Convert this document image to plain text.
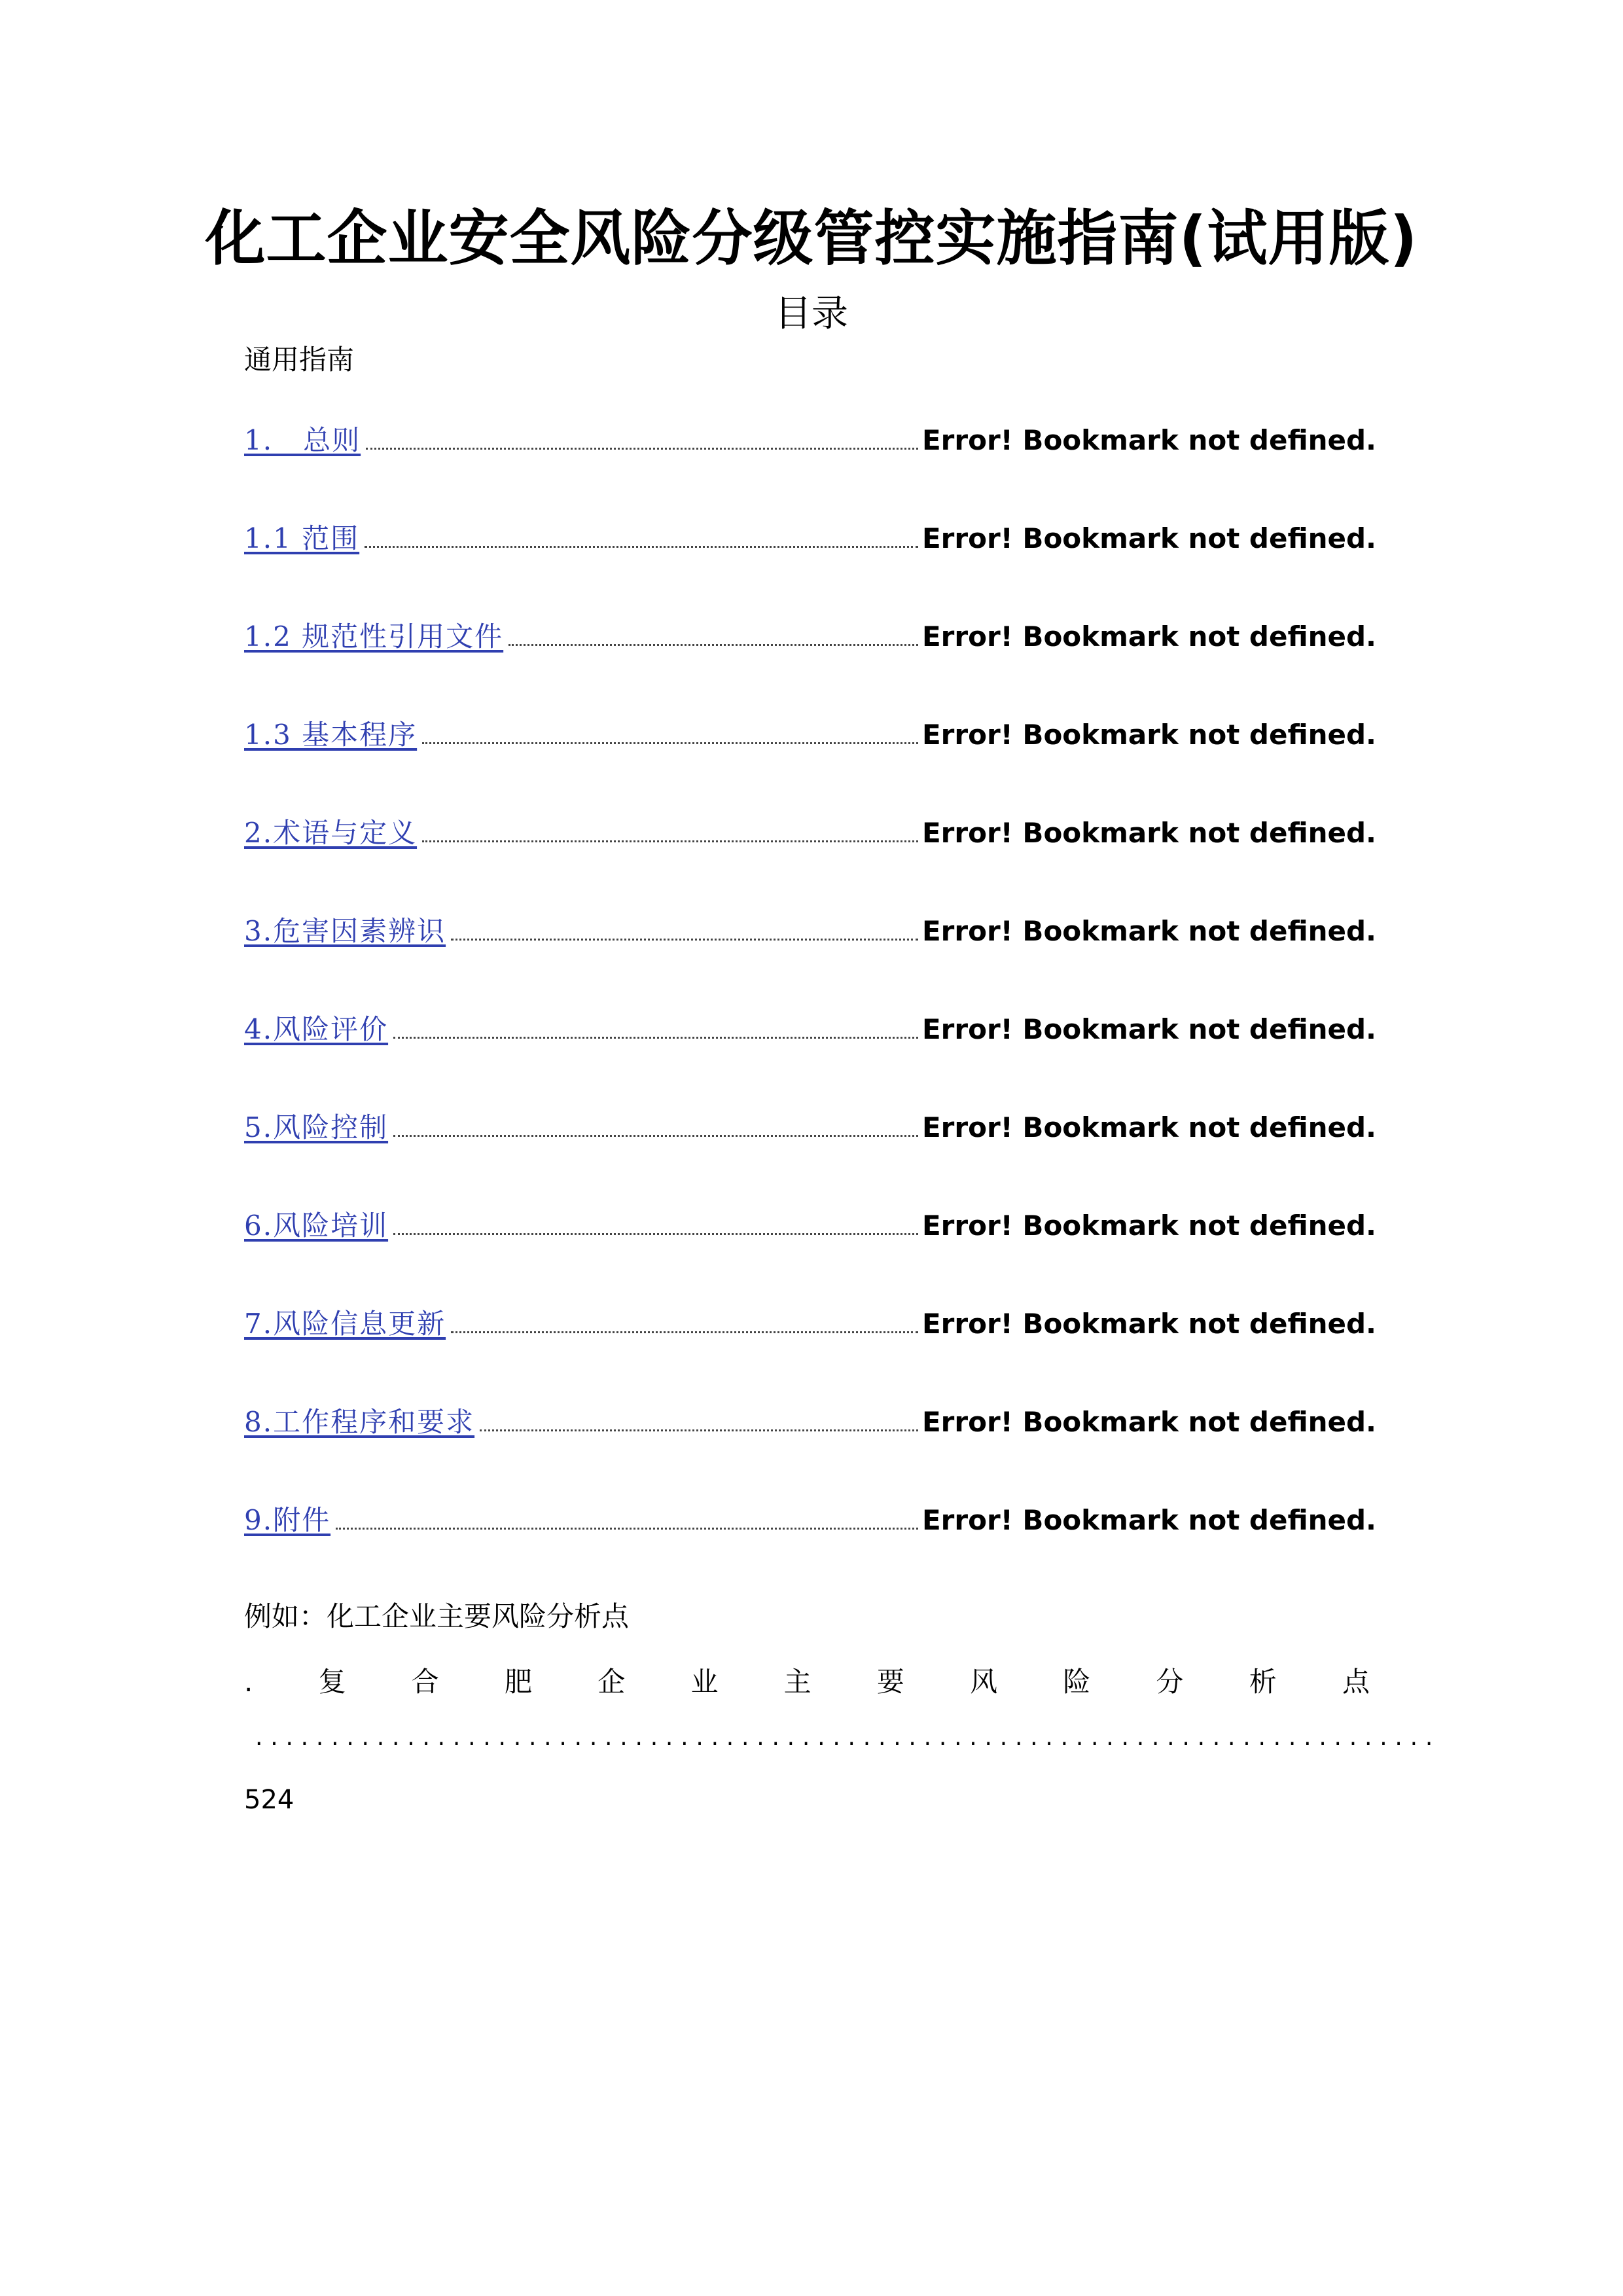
化工企业安全风险分级管控实施指南(试用版)
目录
通用指南
1.   总则	Error! Bookmark not defined.
1.1 范围	Error! Bookmark not defined.
1.2 规范性引用文件	Error! Bookmark not defined.
1.3 基本程序	Error! Bookmark not defined.
2.术语与定义	Error! Bookmark not defined.
3.危害因素辨识	Error! Bookmark not defined.
4.风险评价	Error! Bookmark not defined.
5.风险控制	Error! Bookmark not defined.
6.风险培训	Error! Bookmark not defined.
7.风险信息更新	Error! Bookmark not defined.
8.工作程序和要求	Error! Bookmark not defined.
9.附件	Error! Bookmark not defined.
例如：化工企业主要风险分析点
. 复 合 肥 企 业 主 要 风 险 分 析 点
. . . . . . . . . . . . . . . . . . . . . . . . . . . . . . . . . . . . . . . . . . . . . . . . . . . . . . . . . . . . . . . . . . . . . . . . . . . . . .
524
